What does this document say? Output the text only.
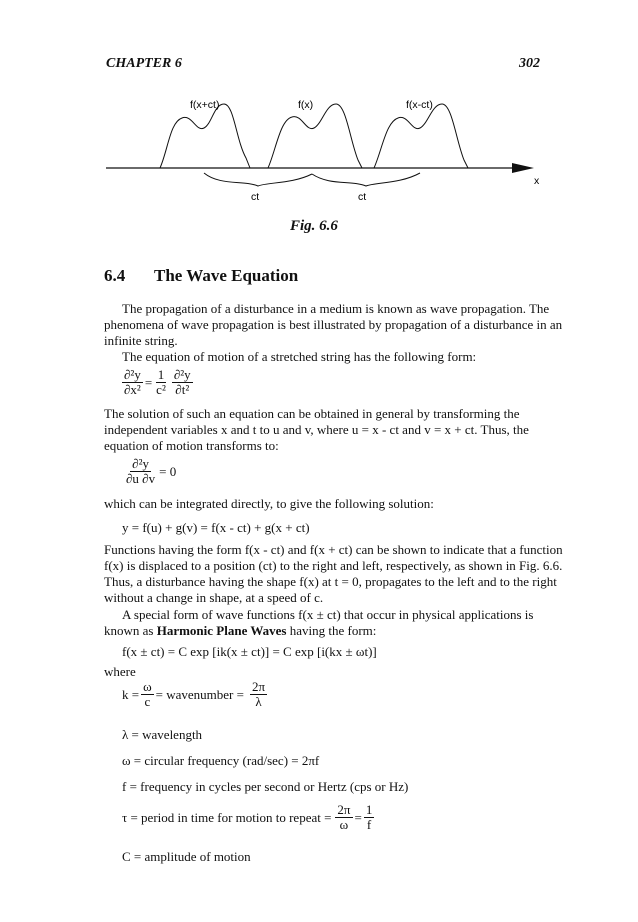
CHAPTER 6	302
f(x+ct)	f(x)	f(x-ct)
x
ct	ct
Fig. 6.6
6.4 The Wave Equation
The propagation of a disturbance in a medium is known as wave propagation. The
phenomena of wave propagation is best illustrated by propagation of a disturbance in an
infinite string.
The equation of motion of a stretched string has the following form:
$\frac{\text{∂²y}}{\text{∂x²}} = \frac{1}{\text{c²}} \frac{\text{∂²y}}{\text{∂t²}}$
The solution of such an equation can be obtained in general by transforming the
independent variables x and t to u and v, where u = x - ct and v = x + ct. Thus, the
equation of motion transforms to:
$\frac{\text{∂²y}}{\partial u \partial v} = 0$
which can be integrated directly, to give the following solution:
y = f(u) + g(v) = f(x - ct) + g(x + ct)
Functions having the form f(x - ct) and f(x + ct) can be shown to indicate that a function
f(x) is displaced to a position (ct) to the right and left, respectively, as shown in Fig. 6.6.
Thus, a disturbance having the shape f(x) at t = 0, propagates to the left and to the right
without a change in shape, at a speed of c.
A special form of wave functions f(x ± ct) that occur in physical applications is
known as Harmonic Plane Waves having the form:
f(x ± ct) = C exp [ik(x ± ct)] = C exp [i(kx ± ωt)]
where
$k = \frac{\omega}{c}$ = wavenumber = $\frac{2\pi}{\lambda}$
λ = wavelength
ω = circular frequency (rad/sec) = 2πf
f = frequency in cycles per second or Hertz (cps or Hz)
τ = period in time for motion to repeat = $\frac{2\pi}{\omega} = \frac{1}{f}$
C = amplitude of motion
